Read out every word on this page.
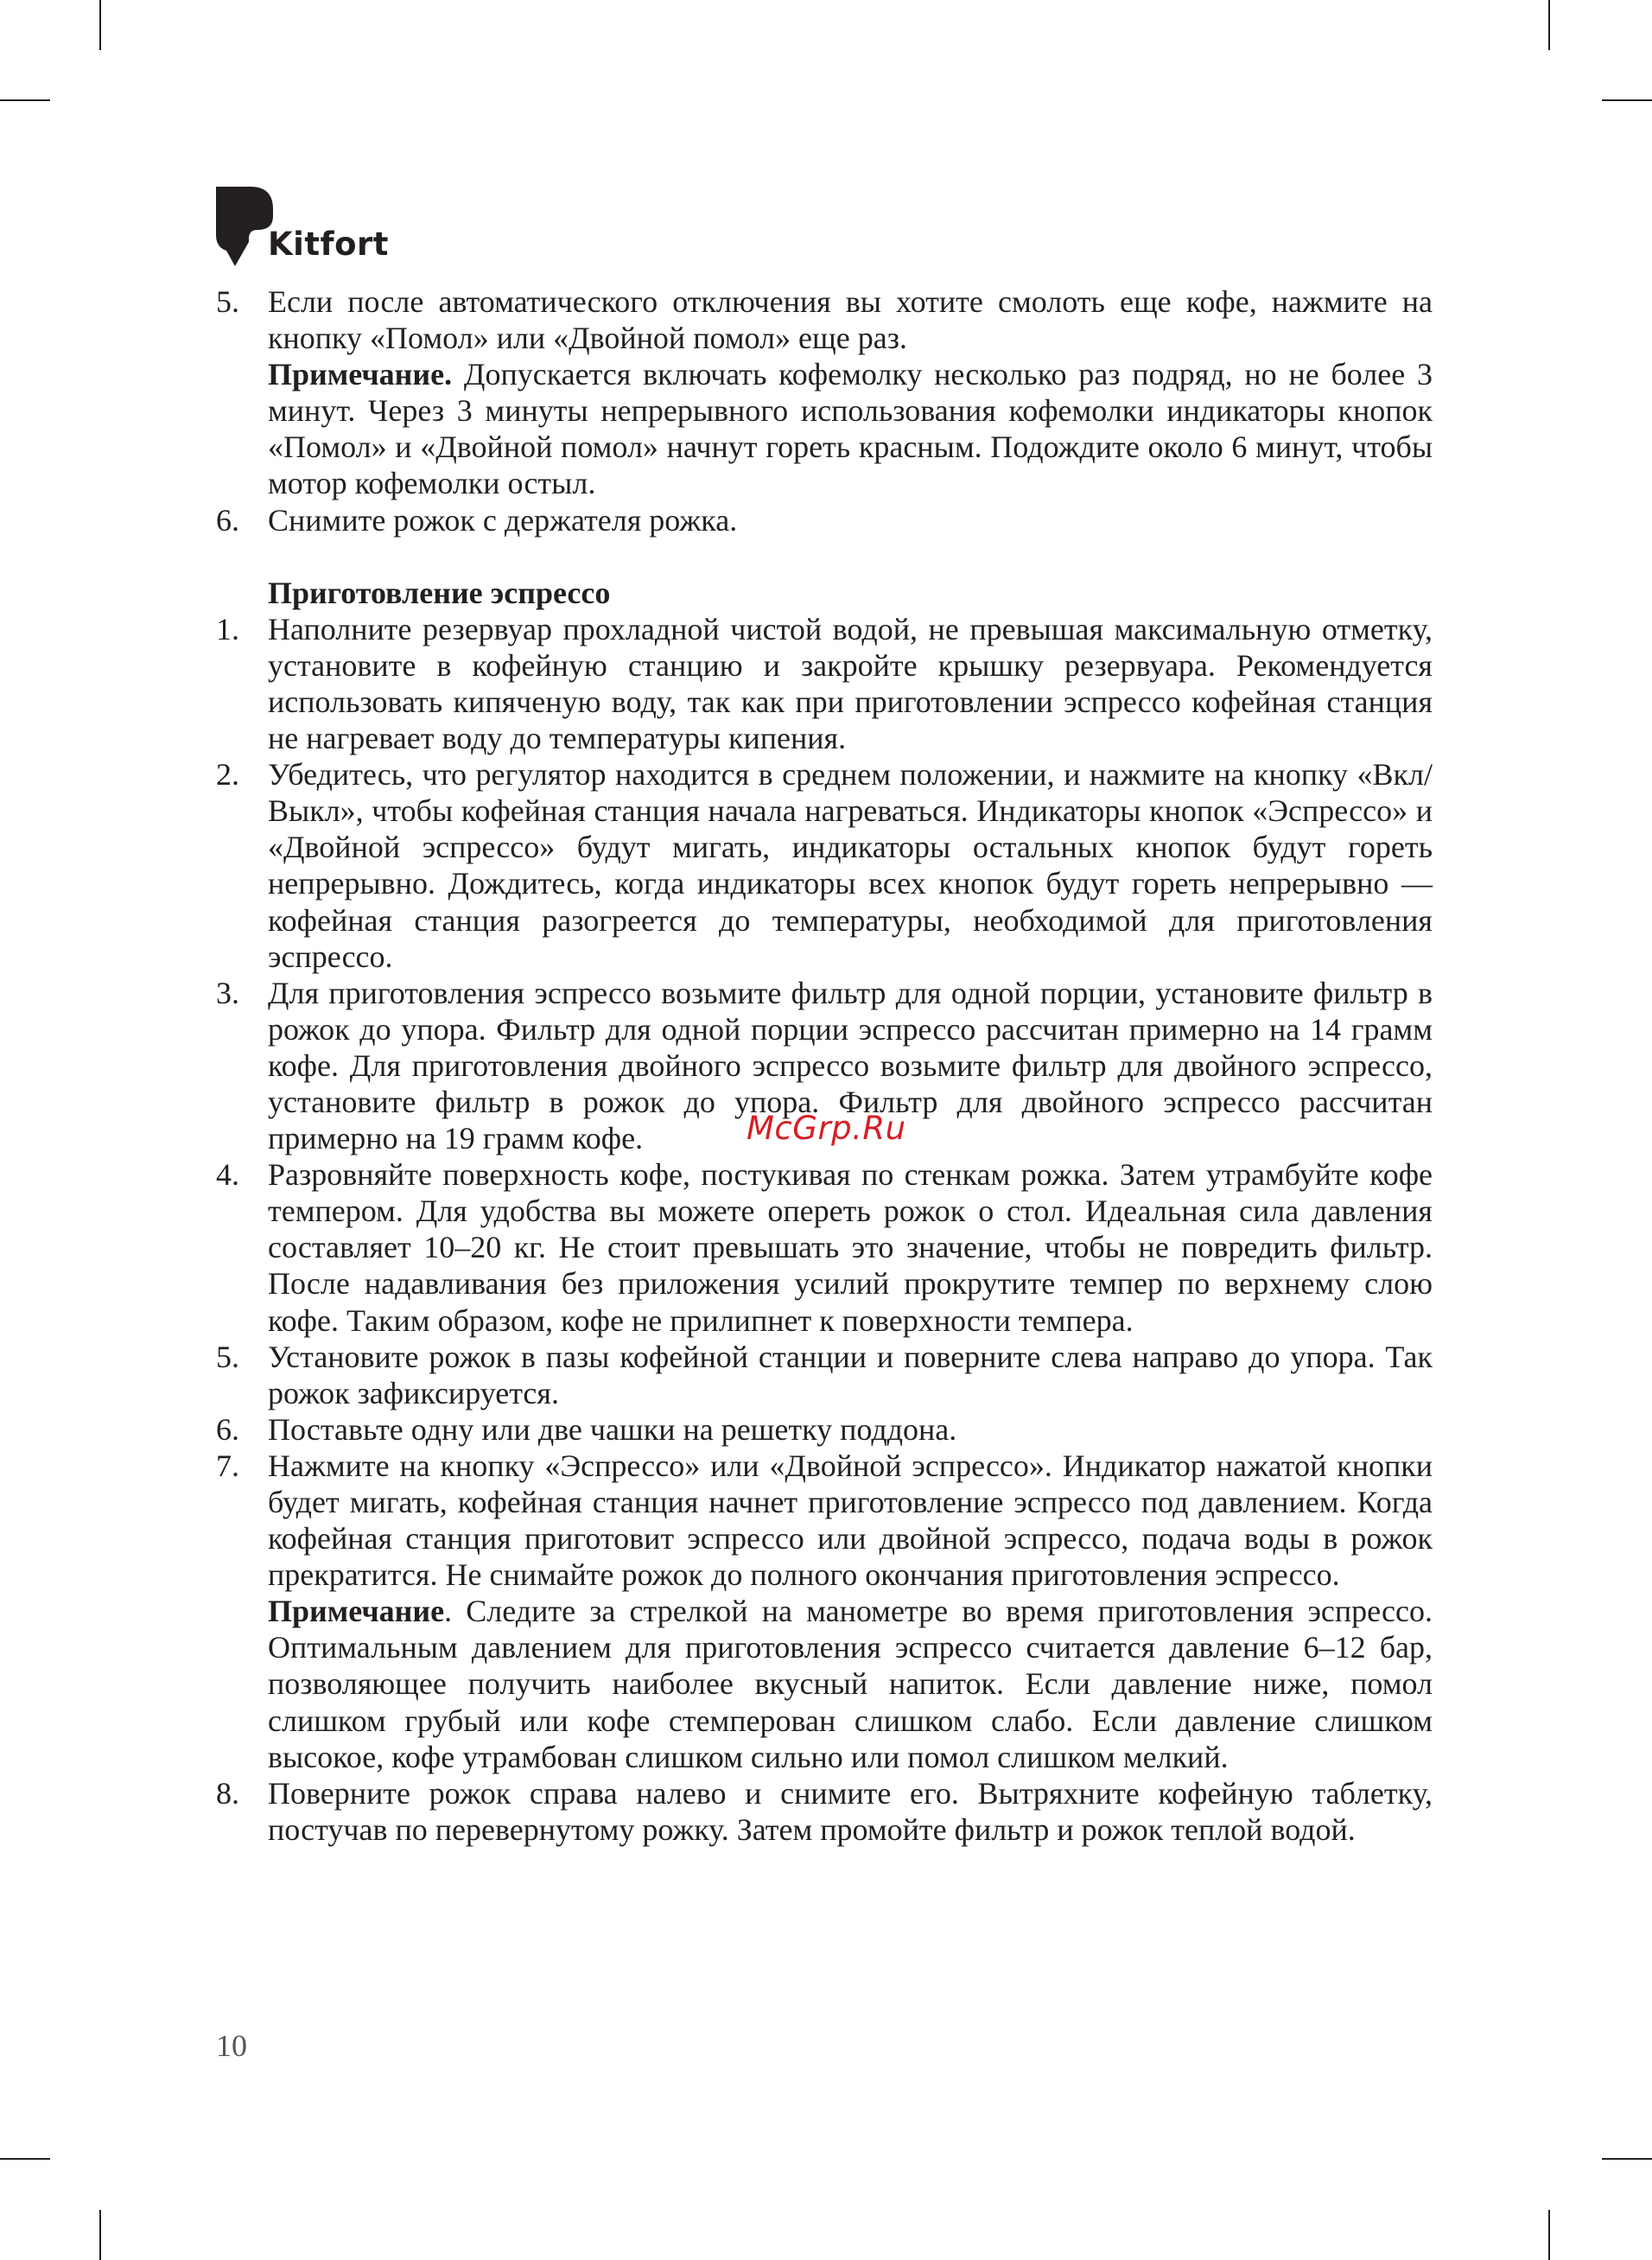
Kitfort
5. Если после автоматического отключения вы хотите смолоть еще кофе, нажмите на кнопку «Помол» или «Двойной помол» еще раз.

Примечание. Допускается включать кофемолку несколько раз подряд, но не более 3 минут. Через 3 минуты непрерывного использования кофемолки индикаторы кнопок «Помол» и «Двойной помол» начнут гореть красным. Подождите около 6 минут, чтобы мотор кофемолки остыл.

6. Снимите рожок с держателя рожка.

Приготовление эспрессо
1. Наполните резервуар прохладной чистой водой, не превышая максимальную отметку, установите в кофейную станцию и закройте крышку резервуара. Рекомендуется использовать кипяченую воду, так как при приготовлении эспрессо кофейная станция не нагревает воду до температуры кипения.

2. Убедитесь, что регулятор находится в среднем положении, и нажмите на кнопку «Вкл/Выкл», чтобы кофейная станция начала нагреваться. Индикаторы кнопок «Эспрессо» и «Двойной эспрессо» будут мигать, индикаторы остальных кнопок будут гореть непрерывно. Дождитесь, когда индикаторы всех кнопок будут гореть непрерывно — кофейная станция разогреется до температуры, необходимой для приготовления эспрессо.

3. Для приготовления эспрессо возьмите фильтр для одной порции, установите фильтр в рожок до упора. Фильтр для одной порции эспрессо рассчитан примерно на 14 грамм кофе. Для приготовления двойного эспрессо возьмите фильтр для двойного эспрессо, установите фильтр в рожок до упора. Фильтр для двойного эспрессо рассчитан примерно на 19 грамм кофе.

4. Разровняйте поверхность кофе, постукивая по стенкам рожка. Затем утрамбуйте кофе темпером. Для удобства вы можете опереть рожок о стол. Идеальная сила давления составляет 10–20 кг. Не стоит превышать это значение, чтобы не повредить фильтр. После надавливания без приложения усилий прокрутите темпер по верхнему слою кофе. Таким образом, кофе не прилипнет к поверхности темпера.

5. Установите рожок в пазы кофейной станции и поверните слева направо до упора. Так рожок зафиксируется.

6. Поставьте одну или две чашки на решетку поддона.

7. Нажмите на кнопку «Эспрессо» или «Двойной эспрессо». Индикатор нажатой кнопки будет мигать, кофейная станция начнет приготовление эспрессо под давлением. Когда кофейная станция приготовит эспрессо или двойной эспрессо, подача воды в рожок прекратится. Не снимайте рожок до полного окончания приготовления эспрессо.

Примечание. Следите за стрелкой на манометре во время приготовления эспрессо. Оптимальным давлением для приготовления эспрессо считается давление 6–12 бар, позволяющее получить наиболее вкусный напиток. Если давление ниже, помол слишком грубый или кофе стемперован слишком слабо. Если давление слишком высокое, кофе утрамбован слишком сильно или помол слишком мелкий.

8. Поверните рожок справа налево и снимите его. Вытряхните кофейную таблетку, постучав по перевернутому рожку. Затем промойте фильтр и рожок теплой водой.

McGrp.Ru
10
